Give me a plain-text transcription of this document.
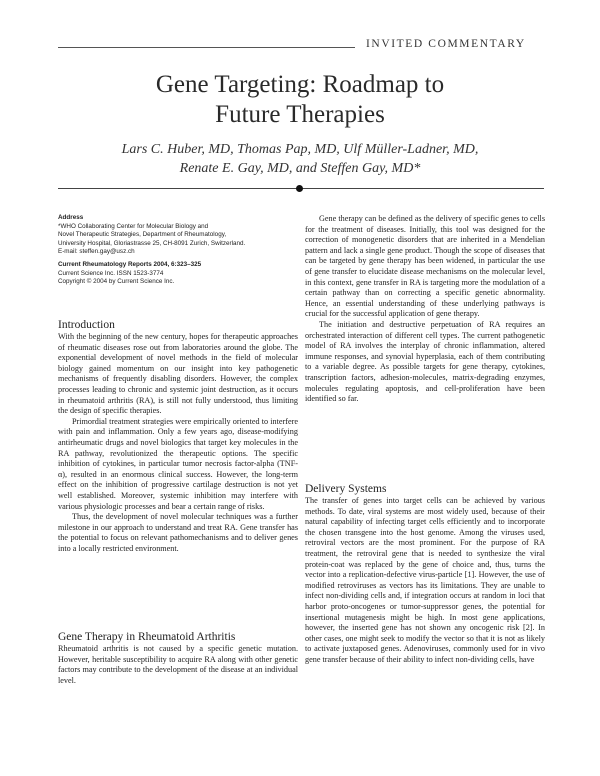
INVITED COMMENTARY
Gene Targeting: Roadmap to
Future Therapies
Lars C. Huber, MD, Thomas Pap, MD, Ulf Müller-Ladner, MD,
Renate E. Gay, MD, and Steffen Gay, MD*
Address
*WHO Collaborating Center for Molecular Biology and
Novel Therapeutic Strategies, Department of Rheumatology,
University Hospital, Gloriastrasse 25, CH-8091 Zurich, Switzerland.
E-mail: steffen.gay@usz.ch
Current Rheumatology Reports 2004, 6:323–325
Current Science Inc. ISSN 1523-3774
Copyright © 2004 by Current Science Inc.
Introduction

With the beginning of the new century, hopes for therapeutic approaches of rheumatic diseases rose out from laboratories around the globe. The exponential development of novel methods in the field of molecular biology gained momentum on our insight into key pathogenetic mechanisms of frequently disabling disorders. However, the complex processes leading to chronic and systemic joint destruction, as it occurs in rheumatoid arthritis (RA), is still not fully understood, thus limiting the design of specific therapies.

Primordial treatment strategies were empirically oriented to interfere with pain and inflammation. Only a few years ago, disease-modifying antirheumatic drugs and novel biologics that target key molecules in the RA pathway, revolutionized the therapeutic options. The specific inhibition of cytokines, in particular tumor necrosis factor-alpha (TNF-α), resulted in an enormous clinical success. However, the long-term effect on the inhibition of progressive cartilage destruction is not yet well established. Moreover, systemic inhibition may interfere with various physiologic processes and bear a certain range of risks.

Thus, the development of novel molecular techniques was a further milestone in our approach to understand and treat RA. Gene transfer has the potential to focus on relevant pathomechanisms and to deliver genes into a locally restricted environment.

Gene Therapy in Rheumatoid Arthritis

Rheumatoid arthritis is not caused by a specific genetic mutation. However, heritable susceptibility to acquire RA along with other genetic factors may contribute to the development of the disease at an individual level.

Gene therapy can be defined as the delivery of specific genes to cells for the treatment of diseases. Initially, this tool was designed for the correction of monogenetic disorders that are inherited in a Mendelian pattern and lack a single gene product. Though the scope of diseases that can be targeted by gene therapy has been widened, in particular the use of gene transfer to elucidate disease mechanisms on the molecular level, in this context, gene transfer in RA is targeting more the modulation of a certain pathway than on correcting a specific genetic abnormality. Hence, an essential understanding of these underlying pathways is crucial for the successful application of gene therapy.

The initiation and destructive perpetuation of RA requires an orchestrated interaction of different cell types. The current pathogenetic model of RA involves the interplay of chronic inflammation, altered immune responses, and synovial hyperplasia, each of them contributing to a variable degree. As possible targets for gene therapy, cytokines, transcription factors, adhesion-molecules, matrix-degrading enzymes, molecules regulating apoptosis, and cell-proliferation have been identified so far.

Delivery Systems

The transfer of genes into target cells can be achieved by various methods. To date, viral systems are most widely used, because of their natural capability of infecting target cells efficiently and to incorporate the chosen transgene into the host genome. Among the viruses used, retroviral vectors are the most prominent. For the purpose of RA treatment, the retroviral gene that is needed to synthesize the viral protein-coat was replaced by the gene of choice and, thus, turns the vector into a replication-defective virus-particle [1]. However, the use of modified retroviruses as vectors has its limitations. They are unable to infect non-dividing cells and, if integration occurs at random in loci that harbor proto-oncogenes or tumor-suppressor genes, the potential for insertional mutagenesis might be high. In most gene applications, however, the inserted gene has not shown any oncogenic risk [2]. In other cases, one might seek to modify the vector so that it is not as likely to activate juxtaposed genes. Adenoviruses, commonly used for in vivo gene transfer because of their ability to infect non-dividing cells, have
